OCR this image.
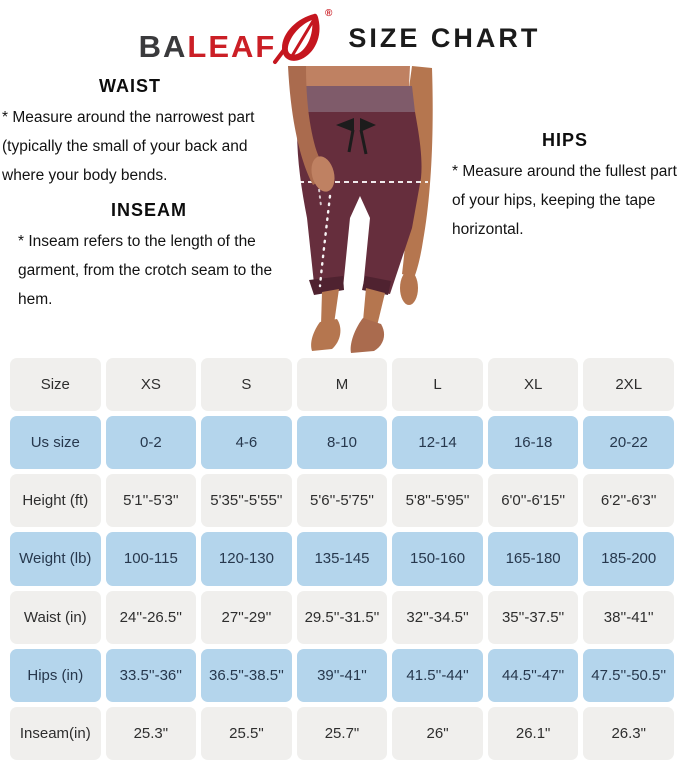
BALEAF
®
SIZE CHART
WAIST

* Measure around the narrowest part (typically the small of your back and where your body bends.

INSEAM

* Inseam refers to the length of the garment, from the crotch seam to the hem.

HIPS

* Measure around the fullest part of your hips, keeping the tape horizontal.

Size	XS	S	M	L	XL	2XL
Us size	0-2	4-6	8-10	12-14	16-18	20-22
Height (ft)	5'1''-5'3''	5'35''-5'55''	5'6''-5'75''	5'8''-5'95''	6'0''-6'15''	6'2''-6'3''
Weight (lb)	100-115	120-130	135-145	150-160	165-180	185-200
Waist (in)	24''-26.5''	27''-29''	29.5''-31.5''	32''-34.5''	35''-37.5''	38''-41''
Hips (in)	33.5''-36''	36.5''-38.5''	39''-41''	41.5''-44''	44.5''-47''	47.5''-50.5''
Inseam(in)	25.3"	25.5"	25.7"	26"	26.1"	26.3"
